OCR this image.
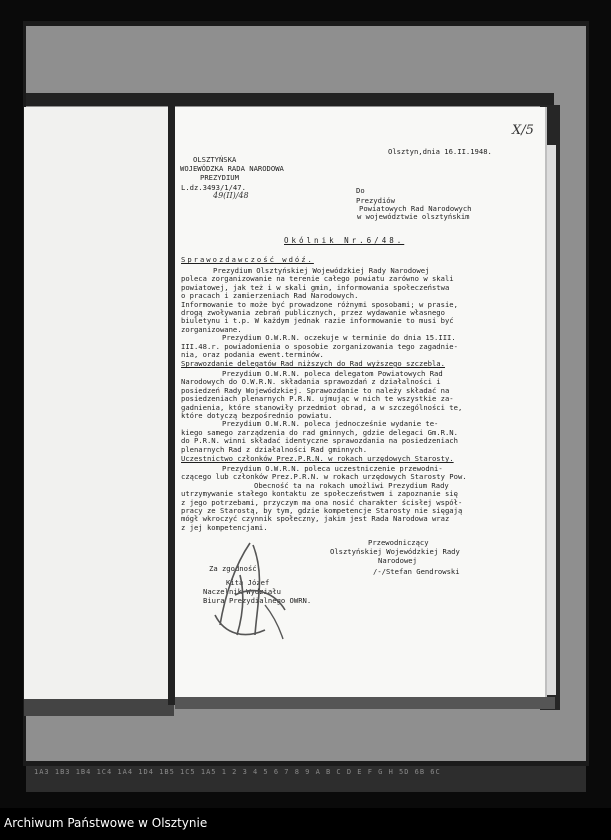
OLSZTYŃSKA
WOJEWÓDZKA RADA NARODOWA
PREZYDIUM
L.dz.3493/1/47.
49(II)/48
Olsztyn,dnia 16.II.1948.
X/5
Do
Prezydiów
Powiatowych Rad Narodowych
w województwie olsztyńskim
Okólnik Nr.6/48.
Sprawozdawczość wdóź.
Prezydium Olsztyńskiej Wojewódzkiej Rady Narodowej
poleca zorganizowanie na terenie całego powiatu zarówno w skali
powiatowej, jak też i w skali gmin, informowania społeczeństwa
o pracach i zamierzeniach Rad Narodowych.
Informowanie to może być prowadzone różnymi sposobami; w prasie,
drogą zwoływania zebrań publicznych, przez wydawanie własnego
biuletynu i t.p. W każdym jednak razie informowanie to musi być
zorganizowane.
Prezydium O.W.R.N. oczekuje w terminie do dnia 15.III.
III.48.r. powiadomienia o sposobie zorganizowania tego zagadnie-
nia, oraz podania ewent.terminów.
Sprawozdanie delegatów Rad niższych do Rad wyższego szczebla.
Prezydium O.W.R.N. poleca delegatom Powiatowych Rad
Narodowych do O.W.R.N. składania sprawozdań z działalności i
posiedzeń Rady Wojewódzkiej. Sprawozdanie to należy składać na
posiedzeniach plenarnych P.R.N. ujmując w nich te wszystkie za-
gadnienia, które stanowiły przedmiot obrad, a w szczególności te,
które dotyczą bezpośrednio powiatu.
Prezydium O.W.R.N. poleca jednocześnie wydanie te-
kiego samego zarządzenia do rad gminnych, gdzie delegaci Gm.R.N.
do P.R.N. winni składać identyczne sprawozdania na posiedzeniach
plenarnych Rad z działalności Rad gminnych.
Uczestnictwo członków Prez.P.R.N. w rokach urzędowych Starosty.
Prezydium O.W.R.N. poleca uczestniczenie przewodni-
czącego lub członków Prez.P.R.N. w rokach urzędowych Starosty Pow.
Obecność ta na rokach umożliwi Prezydium Rady
utrzymywanie stałego kontaktu ze społeczeństwem i zapoznanie się
z jego potrzebami, przyczym ma ona nosić charakter ścisłej współ-
pracy ze Starostą, by tym, gdzie kompetencje Starosty nie sięgają
mógł wkroczyć czynnik społeczny, jakim jest Rada Narodowa wraz
z jej kompetencjami.
Przewodniczący
Olsztyńskiej Wojewódzkiej Rady
Narodowej
/-/Stefan Gendrowski
Za zgodność
Kita Józef
Naczelnik Wydziału
Biura Prezydialnego OWRN.
1A3 1B3 1B4 1C4 1A4 1D4 1B5 1C5 1A5 1 2 3 4 5 6 7 8 9 A B C D E F G H 5D 6B 6C
Archiwum Państwowe w Olsztynie
